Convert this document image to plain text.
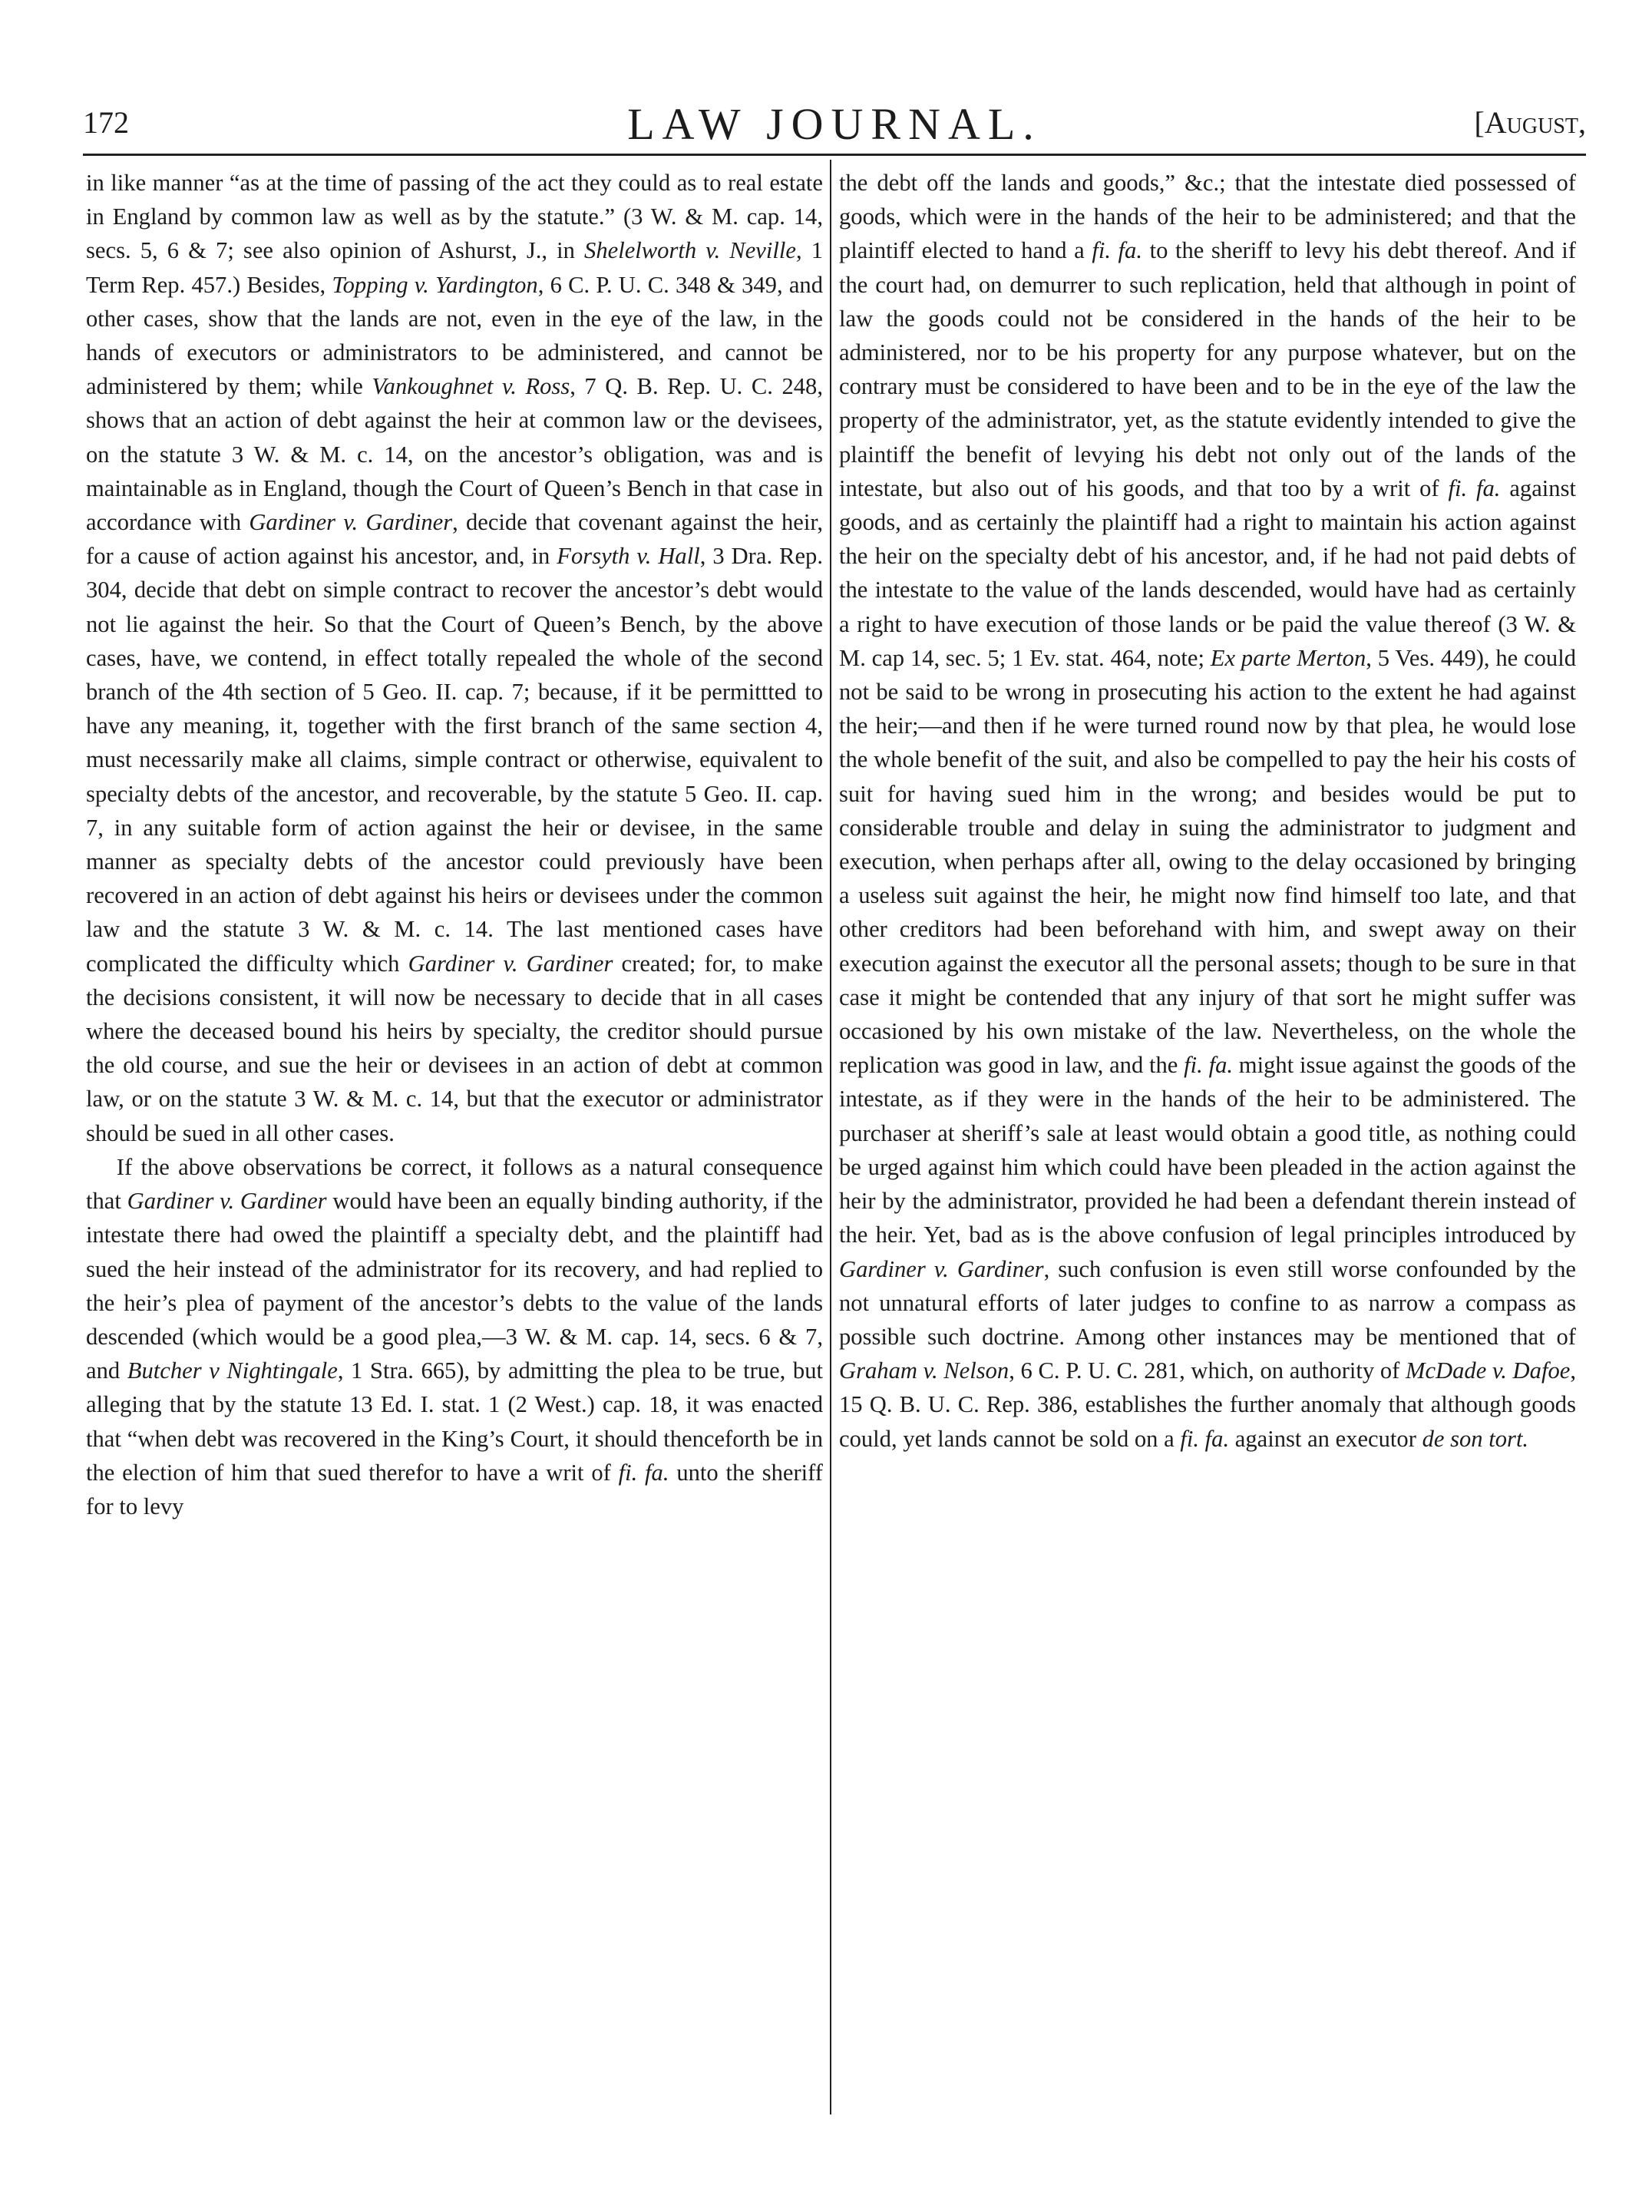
172	LAW JOURNAL.	[August,

in like manner “as at the time of passing of the act they could as to real estate in England by common law as well as by the statute.” (3 W. & M. cap. 14, secs. 5, 6 & 7; see also opinion of Ashurst, J., in Shelelworth v. Neville, 1 Term Rep. 457.) Besides, Topping v. Yardington, 6 C. P. U. C. 348 & 349, and other cases, show that the lands are not, even in the eye of the law, in the hands of executors or administrators to be administered, and cannot be administered by them; while Vankoughnet v. Ross, 7 Q. B. Rep. U. C. 248, shows that an action of debt against the heir at common law or the devisees, on the statute 3 W. & M. c. 14, on the ancestor’s obligation, was and is maintainable as in England, though the Court of Queen’s Bench in that case in accordance with Gardiner v. Gardiner, decide that covenant against the heir, for a cause of action against his ancestor, and, in Forsyth v. Hall, 3 Dra. Rep. 304, decide that debt on simple contract to recover the ancestor’s debt would not lie against the heir. So that the Court of Queen’s Bench, by the above cases, have, we contend, in effect totally repealed the whole of the second branch of the 4th section of 5 Geo. II. cap. 7; because, if it be permittted to have any meaning, it, together with the first branch of the same section 4, must necessarily make all claims, simple contract or otherwise, equivalent to specialty debts of the ancestor, and recoverable, by the statute 5 Geo. II. cap. 7, in any suitable form of action against the heir or devisee, in the same manner as specialty debts of the ancestor could previously have been recovered in an action of debt against his heirs or devisees under the common law and the statute 3 W. & M. c. 14. The last mentioned cases have complicated the difficulty which Gardiner v. Gardiner created; for, to make the decisions consistent, it will now be necessary to decide that in all cases where the deceased bound his heirs by specialty, the creditor should pursue the old course, and sue the heir or devisees in an action of debt at common law, or on the statute 3 W. & M. c. 14, but that the executor or administrator should be sued in all other cases.

If the above observations be correct, it follows as a natural consequence that Gardiner v. Gardiner would have been an equally binding authority, if the intestate there had owed the plaintiff a specialty debt, and the plaintiff had sued the heir instead of the administrator for its recovery, and had replied to the heir’s plea of payment of the ancestor’s debts to the value of the lands descended (which would be a good plea,—3 W. & M. cap. 14, secs. 6 & 7, and Butcher v Nightingale, 1 Stra. 665), by admitting the plea to be true, but alleging that by the statute 13 Ed. I. stat. 1 (2 West.) cap. 18, it was enacted that “when debt was recovered in the King’s Court, it should thenceforth be in the election of him that sued therefor to have a writ of fi. fa. unto the sheriff for to levy

the debt off the lands and goods,” &c.; that the intestate died possessed of goods, which were in the hands of the heir to be administered; and that the plaintiff elected to hand a fi. fa. to the sheriff to levy his debt thereof. And if the court had, on demurrer to such replication, held that although in point of law the goods could not be considered in the hands of the heir to be administered, nor to be his property for any purpose whatever, but on the contrary must be considered to have been and to be in the eye of the law the property of the administrator, yet, as the statute evidently intended to give the plaintiff the benefit of levying his debt not only out of the lands of the intestate, but also out of his goods, and that too by a writ of fi. fa. against goods, and as certainly the plaintiff had a right to maintain his action against the heir on the specialty debt of his ancestor, and, if he had not paid debts of the intestate to the value of the lands descended, would have had as certainly a right to have execution of those lands or be paid the value thereof (3 W. & M. cap 14, sec. 5; 1 Ev. stat. 464, note; Ex parte Merton, 5 Ves. 449), he could not be said to be wrong in prosecuting his action to the extent he had against the heir;—and then if he were turned round now by that plea, he would lose the whole benefit of the suit, and also be compelled to pay the heir his costs of suit for having sued him in the wrong; and besides would be put to considerable trouble and delay in suing the administrator to judgment and execution, when perhaps after all, owing to the delay occasioned by bringing a useless suit against the heir, he might now find himself too late, and that other creditors had been beforehand with him, and swept away on their execution against the executor all the personal assets; though to be sure in that case it might be contended that any injury of that sort he might suffer was occasioned by his own mistake of the law. Nevertheless, on the whole the replication was good in law, and the fi. fa. might issue against the goods of the intestate, as if they were in the hands of the heir to be administered. The purchaser at sheriff’s sale at least would obtain a good title, as nothing could be urged against him which could have been pleaded in the action against the heir by the administrator, provided he had been a defendant therein instead of the heir. Yet, bad as is the above confusion of legal principles introduced by Gardiner v. Gardiner, such confusion is even still worse confounded by the not unnatural efforts of later judges to confine to as narrow a compass as possible such doctrine. Among other instances may be mentioned that of Graham v. Nelson, 6 C. P. U. C. 281, which, on authority of McDade v. Dafoe, 15 Q. B. U. C. Rep. 386, establishes the further anomaly that although goods could, yet lands cannot be sold on a fi. fa. against an executor de son tort.
